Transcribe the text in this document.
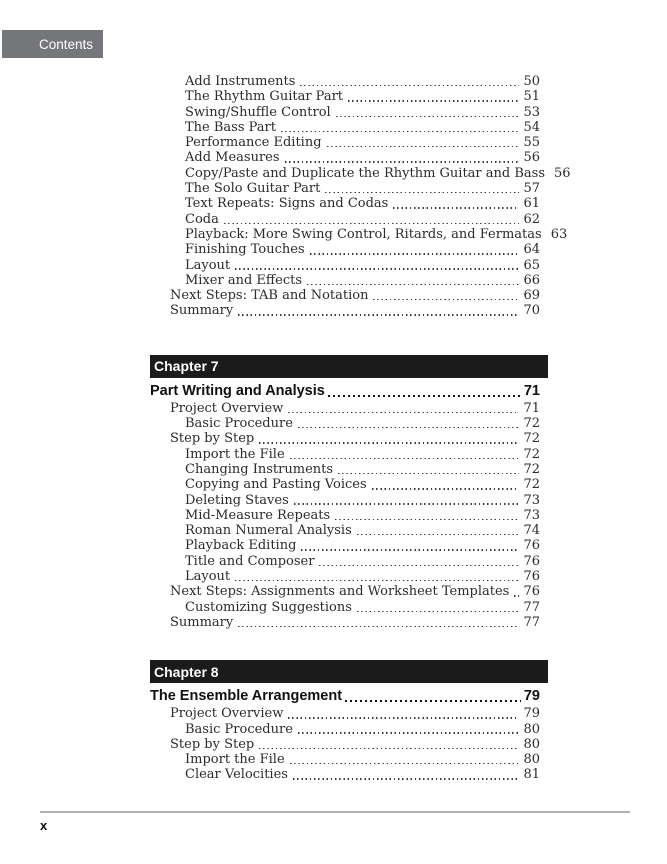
Contents
Add Instruments	50
The Rhythm Guitar Part	51
Swing/Shuffle Control	53
The Bass Part	54
Performance Editing	55
Add Measures	56
Copy/Paste and Duplicate the Rhythm Guitar and Bass 56
The Solo Guitar Part	57
Text Repeats: Signs and Codas	61
Coda	62
Playback: More Swing Control, Ritards, and Fermatas 63
Finishing Touches	64
Layout	65
Mixer and Effects	66
Next Steps: TAB and Notation	69
Summary	70
Chapter 7
Part Writing and Analysis	71
Project Overview	71
Basic Procedure	72
Step by Step	72
Import the File	72
Changing Instruments	72
Copying and Pasting Voices	72
Deleting Staves	73
Mid-Measure Repeats	73
Roman Numeral Analysis	74
Playback Editing	76
Title and Composer	76
Layout	76
Next Steps: Assignments and Worksheet Templates 76
Customizing Suggestions	77
Summary	77
Chapter 8
The Ensemble Arrangement	79
Project Overview	79
Basic Procedure	80
Step by Step	80
Import the File	80
Clear Velocities	81
x
